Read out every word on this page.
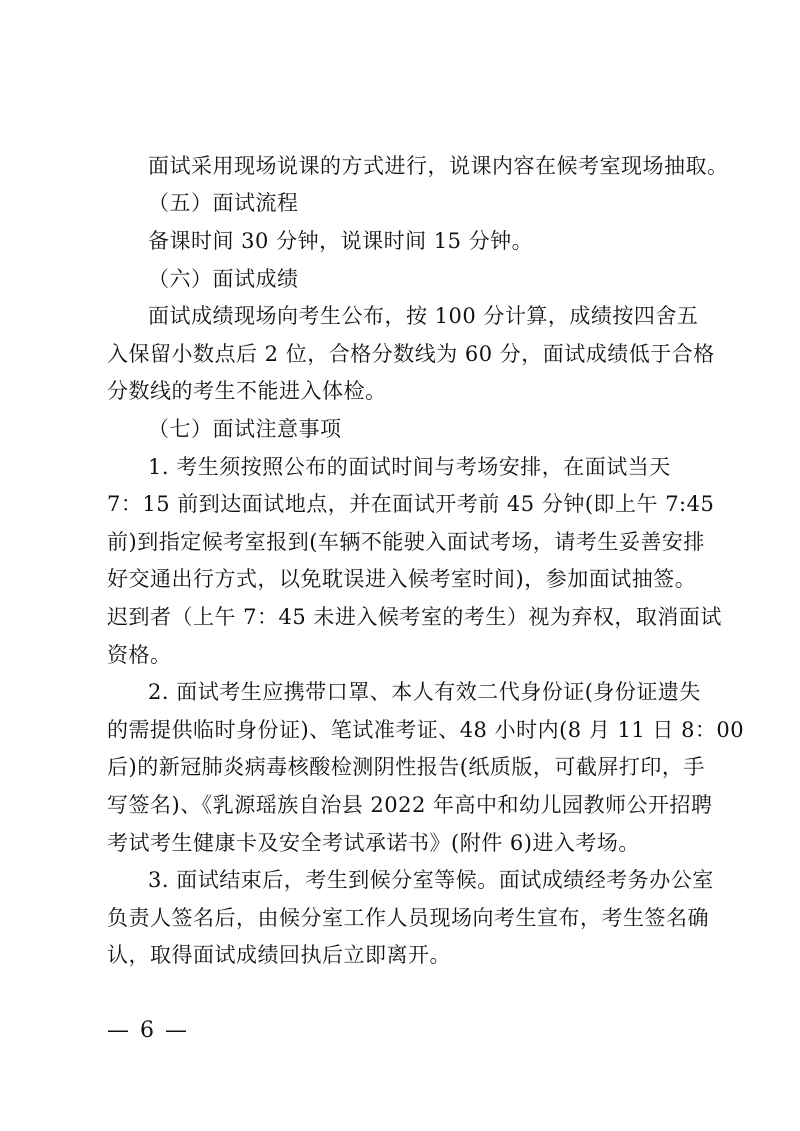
面试采用现场说课的方式进行，说课内容在候考室现场抽取。
（五）面试流程
备课时间 30 分钟，说课时间 15 分钟。
（六）面试成绩
面试成绩现场向考生公布，按 100 分计算，成绩按四舍五
入保留小数点后 2 位，合格分数线为 60 分，面试成绩低于合格
分数线的考生不能进入体检。
（七）面试注意事项
1. 考生须按照公布的面试时间与考场安排，在面试当天
7：15 前到达面试地点，并在面试开考前 45 分钟(即上午 7:45
前)到指定候考室报到(车辆不能驶入面试考场，请考生妥善安排
好交通出行方式，以免耽误进入候考室时间)，参加面试抽签。
迟到者（上午 7：45 未进入候考室的考生）视为弃权，取消面试
资格。
2. 面试考生应携带口罩、本人有效二代身份证(身份证遗失
的需提供临时身份证)、笔试准考证、48 小时内(8 月 11 日 8：00
后)的新冠肺炎病毒核酸检测阴性报告(纸质版，可截屏打印，手
写签名)、《乳源瑶族自治县 2022 年高中和幼儿园教师公开招聘
考试考生健康卡及安全考试承诺书》(附件 6)进入考场。
3. 面试结束后，考生到候分室等候。面试成绩经考务办公室
负责人签名后，由候分室工作人员现场向考生宣布，考生签名确
认，取得面试成绩回执后立即离开。
— 6 —
